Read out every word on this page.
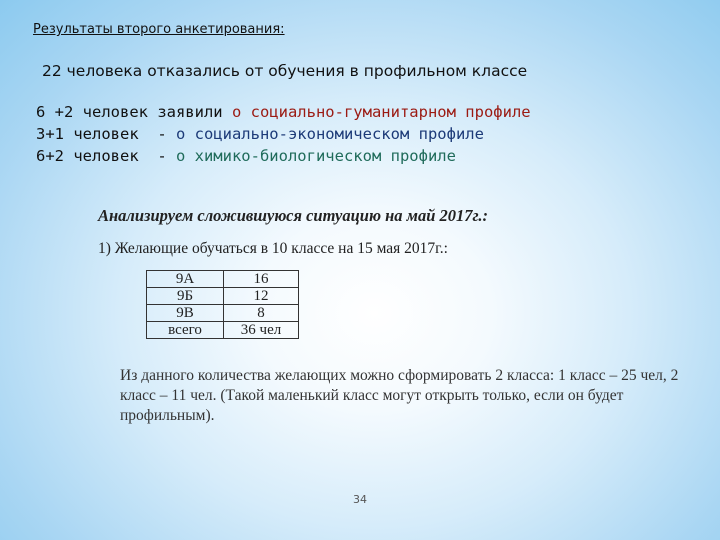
Результаты второго анкетирования:
22 человека отказались от обучения в профильном классе
6 +2 человек заявили о социально-гуманитарном профиле
3+1 человек  - о социально-экономическом профиле
6+2 человек  - о химико-биологическом профиле
Анализируем сложившуюся ситуацию на май 2017г.:
1) Желающие обучаться в 10 классе на 15 мая 2017г.:
9А	16
9Б	12
9В	8
всего	36 чел
Из данного количества желающих можно сформировать 2 класса: 1 класс – 25 чел, 2 класс – 11 чел. (Такой маленький класс могут открыть только, если он будет профильным).
34
